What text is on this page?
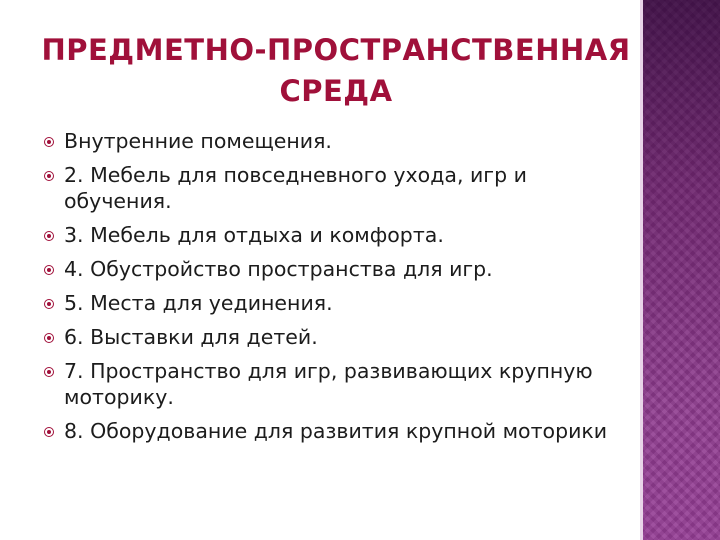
ПРЕДМЕТНО-ПРОСТРАНСТВЕННАЯ
СРЕДА
Внутренние помещения.
2. Мебель для повседневного ухода, игр и обучения.
3. Мебель для отдыха и комфорта.
4. Обустройство пространства для игр.
5. Места для уединения.
6. Выставки для детей.
7. Пространство для игр, развивающих крупную моторику.
8. Оборудование для развития крупной моторики
